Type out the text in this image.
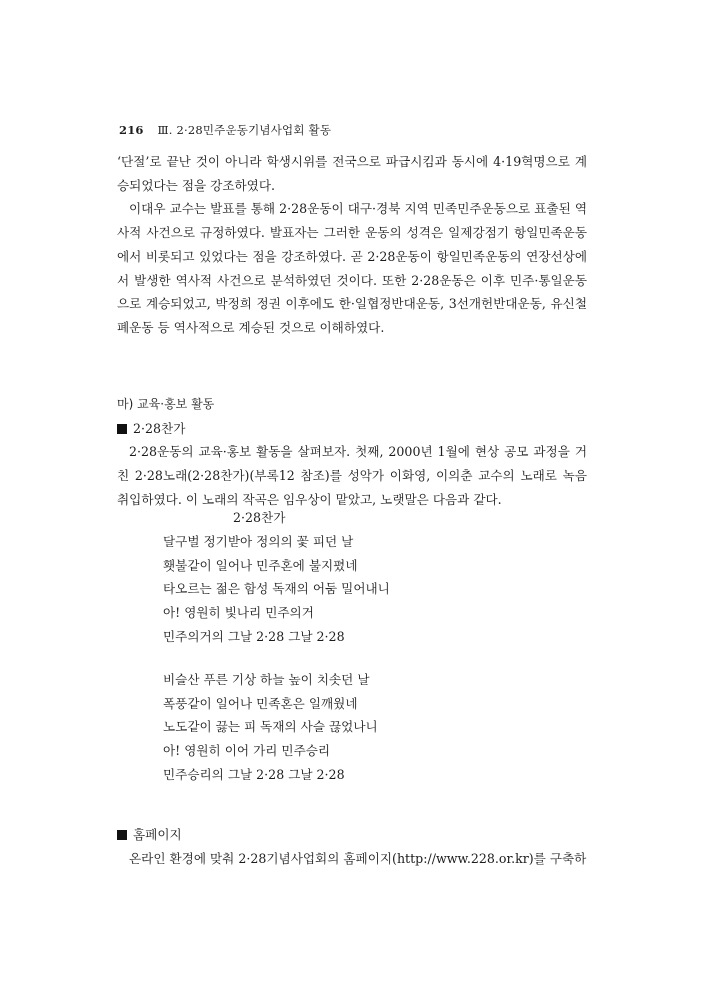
216 Ⅲ. 2·28민주운동기념사업회 활동

‘단절’로 끝난 것이 아니라 학생시위를 전국으로 파급시킴과 동시에 4·19혁명으로 계승되었다는 점을 강조하였다.

이대우 교수는 발표를 통해 2·28운동이 대구·경북 지역 민족민주운동으로 표출된 역사적 사건으로 규정하였다. 발표자는 그러한 운동의 성격은 일제강점기 항일민족운동에서 비롯되고 있었다는 점을 강조하였다. 곧 2·28운동이 항일민족운동의 연장선상에서 발생한 역사적 사건으로 분석하였던 것이다. 또한 2·28운동은 이후 민주·통일운동으로 계승되었고, 박정희 정권 이후에도 한·일협정반대운동, 3선개헌반대운동, 유신철폐운동 등 역사적으로 계승된 것으로 이해하였다.

마) 교육·홍보 활동

2·28찬가

2·28운동의 교육·홍보 활동을 살펴보자. 첫째, 2000년 1월에 현상 공모 과정을 거친 2·28노래(2·28찬가)(부록12 참조)를 성악가 이화영, 이의춘 교수의 노래로 녹음 취입하였다. 이 노래의 작곡은 임우상이 맡았고, 노랫말은 다음과 같다.

2·28찬가
달구벌 정기받아 정의의 꽃 피던 날
횃불같이 일어나 민주혼에 불지폈네
타오르는 젊은 함성 독재의 어둠 밀어내니
아! 영원히 빛나리 민주의거
민주의거의 그날 2·28 그날 2·28
비슬산 푸른 기상 하늘 높이 치솟던 날
폭풍같이 일어나 민족혼은 일깨웠네
노도같이 끓는 피 독재의 사슬 끊었나니
아! 영원히 이어 가리 민주승리
민주승리의 그날 2·28 그날 2·28

홈페이지

온라인 환경에 맞춰 2·28기념사업회의 홈페이지(http://www.228.or.kr)를 구축하
